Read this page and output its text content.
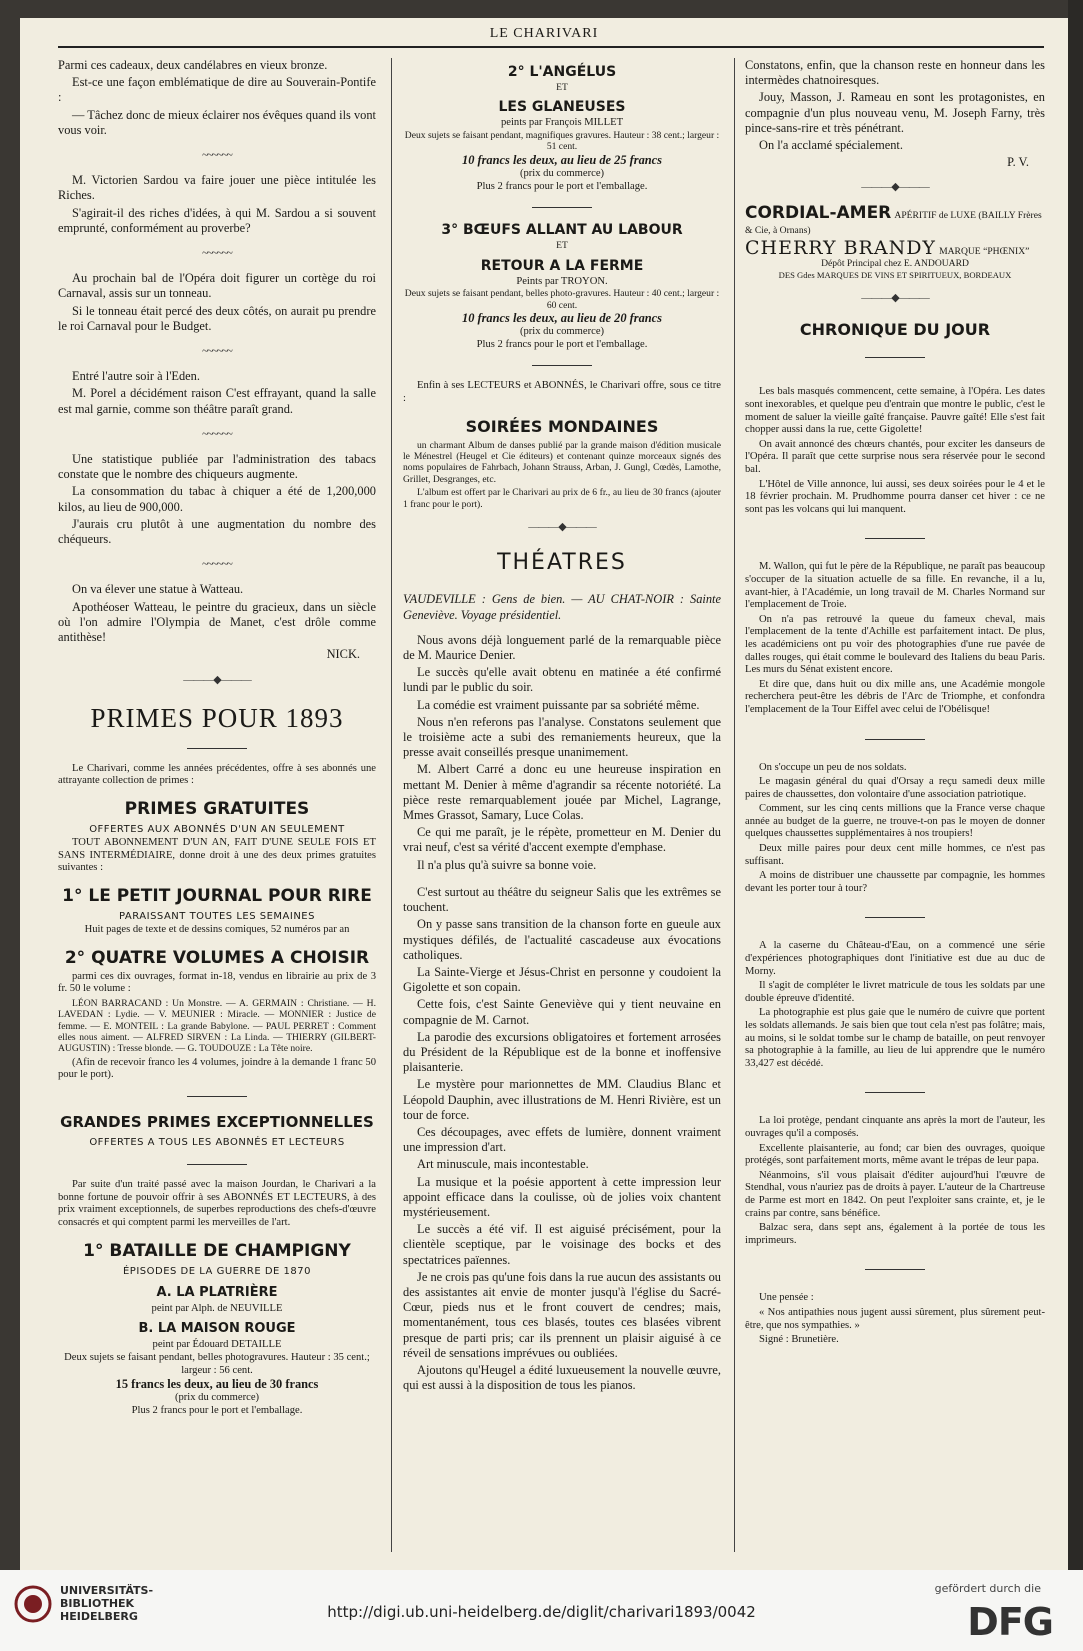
LE CHARIVARI

Parmi ces cadeaux, deux candélabres en vieux bronze.

Est-ce une façon emblématique de dire au Souverain-Pontife :

— Tâchez donc de mieux éclairer nos évêques quand ils vont vous voir.

~~~~~~

M. Victorien Sardou va faire jouer une pièce intitulée les Riches.

S'agirait-il des riches d'idées, à qui M. Sardou a si souvent emprunté, conformément au proverbe?

~~~~~~

Au prochain bal de l'Opéra doit figurer un cortège du roi Carnaval, assis sur un tonneau.

Si le tonneau était percé des deux côtés, on aurait pu prendre le roi Carnaval pour le Budget.

~~~~~~

Entré l'autre soir à l'Eden.

M. Porel a décidément raison C'est effrayant, quand la salle est mal garnie, comme son théâtre paraît grand.

~~~~~~

Une statistique publiée par l'administration des tabacs constate que le nombre des chiqueurs augmente.

La consommation du tabac à chiquer a été de 1,200,000 kilos, au lieu de 900,000.

J'aurais cru plutôt à une augmentation du nombre des chéqueurs.

~~~~~~

On va élever une statue à Watteau.

Apothéoser Watteau, le peintre du gracieux, dans un siècle où l'on admire l'Olympia de Manet, c'est drôle comme antithèse!

NICK.
———◆———
PRIMES POUR 1893

Le Charivari, comme les années précédentes, offre à ses abonnés une attrayante collection de primes :

PRIMES GRATUITES
OFFERTES AUX ABONNÉS D'UN AN SEULEMENT

TOUT ABONNEMENT D'UN AN, FAIT D'UNE SEULE FOIS ET SANS INTERMÉDIAIRE, donne droit à une des deux primes gratuites suivantes :

1° LE PETIT JOURNAL POUR RIRE
PARAISSANT TOUTES LES SEMAINES
Huit pages de texte et de dessins comiques, 52 numéros par an
2° QUATRE VOLUMES A CHOISIR

parmi ces dix ouvrages, format in-18, vendus en librairie au prix de 3 fr. 50 le volume :

LÉON BARRACAND : Un Monstre. — A. GERMAIN : Christiane. — H. LAVEDAN : Lydie. — V. MEUNIER : Miracle. — MONNIER : Justice de femme. — E. MONTEIL : La grande Babylone. — PAUL PERRET : Comment elles nous aiment. — ALFRED SIRVEN : La Linda. — THIERRY (GILBERT-AUGUSTIN) : Tresse blonde. — G. TOUDOUZE : La Tête noire.

(Afin de recevoir franco les 4 volumes, joindre à la demande 1 franc 50 pour le port).

GRANDES PRIMES EXCEPTIONNELLES
OFFERTES A TOUS LES ABONNÉS ET LECTEURS

Par suite d'un traité passé avec la maison Jourdan, le Charivari a la bonne fortune de pouvoir offrir à ses ABONNÉS ET LECTEURS, à des prix vraiment exceptionnels, de superbes reproductions des chefs-d'œuvre consacrés et qui comptent parmi les merveilles de l'art.

1° BATAILLE DE CHAMPIGNY
ÉPISODES DE LA GUERRE DE 1870
A. LA PLATRIÈRE
peint par Alph. de NEUVILLE
B. LA MAISON ROUGE
peint par Édouard DETAILLE
Deux sujets se faisant pendant, belles photogravures. Hauteur : 35 cent.; largeur : 56 cent.
15 francs les deux, au lieu de 30 francs
(prix du commerce)
Plus 2 francs pour le port et l'emballage.
2° L'ANGÉLUS
ET
LES GLANEUSES
peints par François MILLET
Deux sujets se faisant pendant, magnifiques gravures. Hauteur : 38 cent.; largeur : 51 cent.
10 francs les deux, au lieu de 25 francs
(prix du commerce)
Plus 2 francs pour le port et l'emballage.
3° BŒUFS ALLANT AU LABOUR
ET
RETOUR A LA FERME
Peints par TROYON.
Deux sujets se faisant pendant, belles photo-gravures. Hauteur : 40 cent.; largeur : 60 cent.
10 francs les deux, au lieu de 20 francs
(prix du commerce)
Plus 2 francs pour le port et l'emballage.

Enfin à ses LECTEURS et ABONNÉS, le Charivari offre, sous ce titre :

SOIRÉES MONDAINES

un charmant Album de danses publié par la grande maison d'édition musicale le Ménestrel (Heugel et Cie éditeurs) et contenant quinze morceaux signés des noms populaires de Fahrbach, Johann Strauss, Arban, J. Gungl, Cœdès, Lamothe, Grillet, Desgranges, etc.

L'album est offert par le Charivari au prix de 6 fr., au lieu de 30 francs (ajouter 1 franc pour le port).

———◆———
THÉATRES

VAUDEVILLE : Gens de bien. — AU CHAT-NOIR : Sainte Geneviève. Voyage présidentiel.

Nous avons déjà longuement parlé de la remarquable pièce de M. Maurice Denier.

Le succès qu'elle avait obtenu en matinée a été confirmé lundi par le public du soir.

La comédie est vraiment puissante par sa sobriété même.

Nous n'en referons pas l'analyse. Constatons seulement que le troisième acte a subi des remaniements heureux, que la presse avait conseillés presque unanimement.

M. Albert Carré a donc eu une heureuse inspiration en mettant M. Denier à même d'agrandir sa récente notoriété. La pièce reste remarquablement jouée par Michel, Lagrange, Mmes Grassot, Samary, Luce Colas.

Ce qui me paraît, je le répète, prometteur en M. Denier du vrai neuf, c'est sa vérité d'accent exempte d'emphase.

Il n'a plus qu'à suivre sa bonne voie.

C'est surtout au théâtre du seigneur Salis que les extrêmes se touchent.

On y passe sans transition de la chanson forte en gueule aux mystiques défilés, de l'actualité cascadeuse aux évocations catholiques.

La Sainte-Vierge et Jésus-Christ en personne y coudoient la Gigolette et son copain.

Cette fois, c'est Sainte Geneviève qui y tient neuvaine en compagnie de M. Carnot.

La parodie des excursions obligatoires et fortement arrosées du Président de la République est de la bonne et inoffensive plaisanterie.

Le mystère pour marionnettes de MM. Claudius Blanc et Léopold Dauphin, avec illustrations de M. Henri Rivière, est un tour de force.

Ces découpages, avec effets de lumière, donnent vraiment une impression d'art.

Art minuscule, mais incontestable.

La musique et la poésie apportent à cette impression leur appoint efficace dans la coulisse, où de jolies voix chantent mystérieusement.

Le succès a été vif. Il est aiguisé précisément, pour la clientèle sceptique, par le voisinage des bocks et des spectatrices païennes.

Je ne crois pas qu'une fois dans la rue aucun des assistants ou des assistantes ait envie de monter jusqu'à l'église du Sacré-Cœur, pieds nus et le front couvert de cendres; mais, momentanément, tous ces blasés, toutes ces blasées vibrent presque de parti pris; car ils prennent un plaisir aiguisé à ce réveil de sensations imprévues ou oubliées.

Ajoutons qu'Heugel a édité luxueusement la nouvelle œuvre, qui est aussi à la disposition de tous les pianos.

Constatons, enfin, que la chanson reste en honneur dans les intermèdes chatnoiresques.

Jouy, Masson, J. Rameau en sont les protagonistes, en compagnie d'un plus nouveau venu, M. Joseph Farny, très pince-sans-rire et très pénétrant.

On l'a acclamé spécialement.

P. V.
———◆———
CORDIAL-AMER APÉRITIF de LUXE (BAILLY Frères & Cie, à Ornans)
CHERRY BRANDY MARQUE “PHŒNIX”
Dépôt Principal chez E. ANDOUARD
DES Gdes MARQUES DE VINS ET SPIRITUEUX, BORDEAUX
———◆———
CHRONIQUE DU JOUR

Les bals masqués commencent, cette semaine, à l'Opéra. Les dates sont inexorables, et quelque peu d'entrain que montre le public, c'est le moment de saluer la vieille gaîté française. Pauvre gaîté! Elle s'est fait chopper aussi dans la rue, cette Gigolette!

On avait annoncé des chœurs chantés, pour exciter les danseurs de l'Opéra. Il paraît que cette surprise nous sera réservée pour le second bal.

L'Hôtel de Ville annonce, lui aussi, ses deux soirées pour le 4 et le 18 février prochain. M. Prudhomme pourra danser cet hiver : ce ne sont pas les volcans qui lui manquent.

M. Wallon, qui fut le père de la République, ne paraît pas beaucoup s'occuper de la situation actuelle de sa fille. En revanche, il a lu, avant-hier, à l'Académie, un long travail de M. Charles Normand sur l'emplacement de Troie.

On n'a pas retrouvé la queue du fameux cheval, mais l'emplacement de la tente d'Achille est parfaitement intact. De plus, les académiciens ont pu voir des photographies d'une rue pavée de dalles rouges, qui était comme le boulevard des Italiens du beau Paris. Les murs du Sénat existent encore.

Et dire que, dans huit ou dix mille ans, une Académie mongole recherchera peut-être les débris de l'Arc de Triomphe, et confondra l'emplacement de la Tour Eiffel avec celui de l'Obélisque!

On s'occupe un peu de nos soldats.

Le magasin général du quai d'Orsay a reçu samedi deux mille paires de chaussettes, don volontaire d'une association patriotique.

Comment, sur les cinq cents millions que la France verse chaque année au budget de la guerre, ne trouve-t-on pas le moyen de donner quelques chaussettes supplémentaires à nos troupiers!

Deux mille paires pour deux cent mille hommes, ce n'est pas suffisant.

A moins de distribuer une chaussette par compagnie, les hommes devant les porter tour à tour?

A la caserne du Château-d'Eau, on a commencé une série d'expériences photographiques dont l'initiative est due au duc de Morny.

Il s'agit de compléter le livret matricule de tous les soldats par une double épreuve d'identité.

La photographie est plus gaie que le numéro de cuivre que portent les soldats allemands. Je sais bien que tout cela n'est pas folâtre; mais, au moins, si le soldat tombe sur le champ de bataille, on peut renvoyer sa photographie à la famille, au lieu de lui apprendre que le numéro 33,427 est décédé.

La loi protège, pendant cinquante ans après la mort de l'auteur, les ouvrages qu'il a composés.

Excellente plaisanterie, au fond; car bien des ouvrages, quoique protégés, sont parfaitement morts, même avant le trépas de leur papa.

Néanmoins, s'il vous plaisait d'éditer aujourd'hui l'œuvre de Stendhal, vous n'auriez pas de droits à payer. L'auteur de la Chartreuse de Parme est mort en 1842. On peut l'exploiter sans crainte, et, je le crains par contre, sans bénéfice.

Balzac sera, dans sept ans, également à la portée de tous les imprimeurs.

Une pensée :

« Nos antipathies nous jugent aussi sûrement, plus sûrement peut-être, que nos sympathies. »

Signé : Brunetière.

UNIVERSITÄTS-
BIBLIOTHEK
HEIDELBERG	http://digi.ub.uni-heidelberg.de/diglit/charivari1893/0042
gefördert durch die
DFG
